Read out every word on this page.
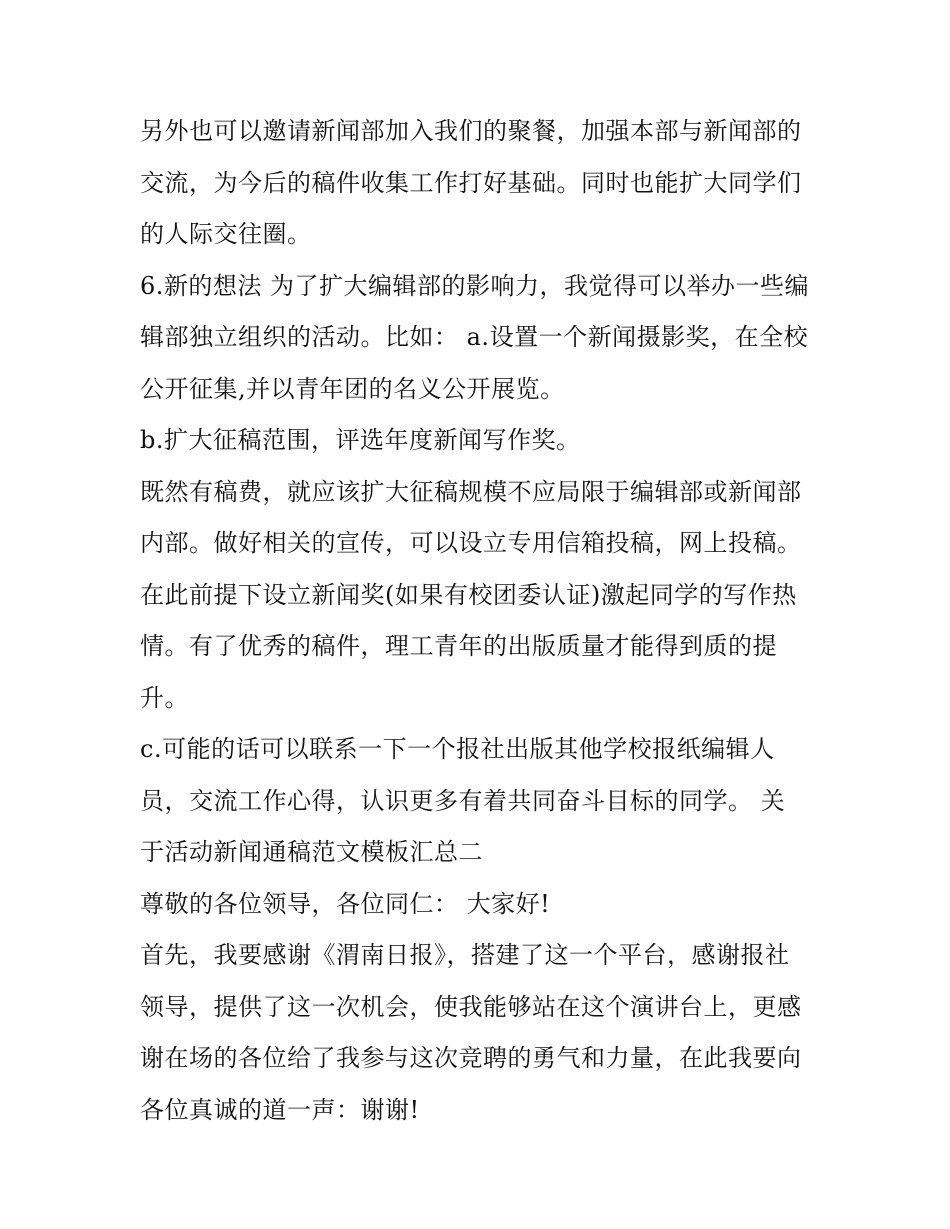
另外也可以邀请新闻部加入我们的聚餐，加强本部与新闻部的
交流，为今后的稿件收集工作打好基础。同时也能扩大同学们
的人际交往圈。
6.新的想法 为了扩大编辑部的影响力，我觉得可以举办一些编
辑部独立组织的活动。比如： a.设置一个新闻摄影奖，在全校
公开征集,并以青年团的名义公开展览。
b.扩大征稿范围，评选年度新闻写作奖。
既然有稿费，就应该扩大征稿规模不应局限于编辑部或新闻部
内部。做好相关的宣传，可以设立专用信箱投稿，网上投稿。
在此前提下设立新闻奖(如果有校团委认证)激起同学的写作热
情。有了优秀的稿件，理工青年的出版质量才能得到质的提
升。
c.可能的话可以联系一下一个报社出版其他学校报纸编辑人
员，交流工作心得，认识更多有着共同奋斗目标的同学。 关
于活动新闻通稿范文模板汇总二
尊敬的各位领导，各位同仁： 大家好!
首先，我要感谢《渭南日报》，搭建了这一个平台，感谢报社
领导，提供了这一次机会，使我能够站在这个演讲台上，更感
谢在场的各位给了我参与这次竞聘的勇气和力量，在此我要向
各位真诚的道一声：谢谢!
